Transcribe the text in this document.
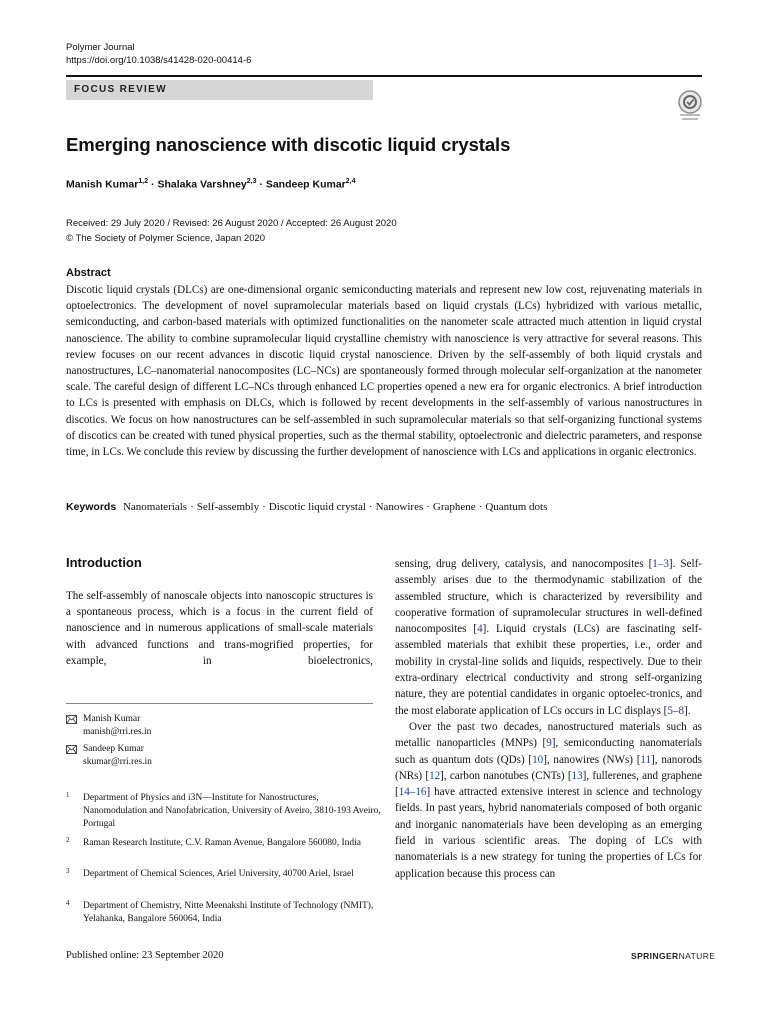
Polymer Journal
https://doi.org/10.1038/s41428-020-00414-6
FOCUS REVIEW
Emerging nanoscience with discotic liquid crystals
Manish Kumar$^{1,2}$ · Shalaka Varshney$^{2,3}$ · Sandeep Kumar$^{2,4}$
Received: 29 July 2020 / Revised: 26 August 2020 / Accepted: 26 August 2020
© The Society of Polymer Science, Japan 2020
Abstract

Discotic liquid crystals (DLCs) are one-dimensional organic semiconducting materials and represent new low cost, rejuvenating materials in optoelectronics. The development of novel supramolecular materials based on liquid crystals (LCs) hybridized with various metallic, semiconducting, and carbon-based materials with optimized functionalities on the nanometer scale attracted much attention in liquid crystal nanoscience. The ability to combine supramolecular liquid crystalline chemistry with nanoscience is very attractive for several reasons. This review focuses on our recent advances in discotic liquid crystal nanoscience. Driven by the self-assembly of both liquid crystals and nanostructures, LC–nanomaterial nanocomposites (LC–NCs) are spontaneously formed through molecular self-organization at the nanometer scale. The careful design of different LC–NCs through enhanced LC properties opened a new era for organic electronics. A brief introduction to LCs is presented with emphasis on DLCs, which is followed by recent developments in the self-assembly of various nanostructures in discotics. We focus on how nanostructures can be self-assembled in such supramolecular materials so that self-organizing functional systems of discotics can be created with tuned physical properties, such as the thermal stability, optoelectronic and dielectric parameters, and response time, in LCs. We conclude this review by discussing the further development of nanoscience with LCs and applications in organic electronics.

Keywords Nanomaterials · Self-assembly · Discotic liquid crystal · Nanowires · Graphene · Quantum dots
Introduction

The self-assembly of nanoscale objects into nanoscopic structures is a spontaneous process, which is a focus in the current field of nanoscience and in numerous applications of small-scale materials with advanced functions and trans-mogrified properties, for example, in bioelectronics,

Manish Kumar
manish@rri.res.in
Sandeep Kumar
skumar@rri.res.in
1 Department of Physics and i3N—Institute for Nanostructures, Nanomodulation and Nanofabrication, University of Aveiro, 3810-193 Aveiro, Portugal
2 Raman Research Institute, C.V. Raman Avenue, Bangalore 560080, India
3 Department of Chemical Sciences, Ariel University, 40700 Ariel, Israel
4 Department of Chemistry, Nitte Meenakshi Institute of Technology (NMIT), Yelahanka, Bangalore 560064, India

sensing, drug delivery, catalysis, and nanocomposites [1–3]. Self-assembly arises due to the thermodynamic stabilization of the assembled structure, which is characterized by reversibility and cooperative formation of supramolecular structures in well-defined nanocomposites [4]. Liquid crystals (LCs) are fascinating self-assembled materials that exhibit these properties, i.e., order and mobility in crystal-line solids and liquids, respectively. Due to their extra-ordinary electrical conductivity and strong self-organizing nature, they are potential candidates in organic optoelec-tronics, and the most elaborate application of LCs occurs in LC displays [5–8].

Over the past two decades, nanostructured materials such as metallic nanoparticles (MNPs) [9], semiconducting nanomaterials such as quantum dots (QDs) [10], nanowires (NWs) [11], nanorods (NRs) [12], carbon nanotubes (CNTs) [13], fullerenes, and graphene [14–16] have attracted extensive interest in science and technology fields. In past years, hybrid nanomaterials composed of both organic and inorganic nanomaterials have been developing as an emerging field in various scientific areas. The doping of LCs with nanomaterials is a new strategy for tuning the properties of LCs for application because this process can

Published online: 23 September 2020	SPRINGERNATURE
